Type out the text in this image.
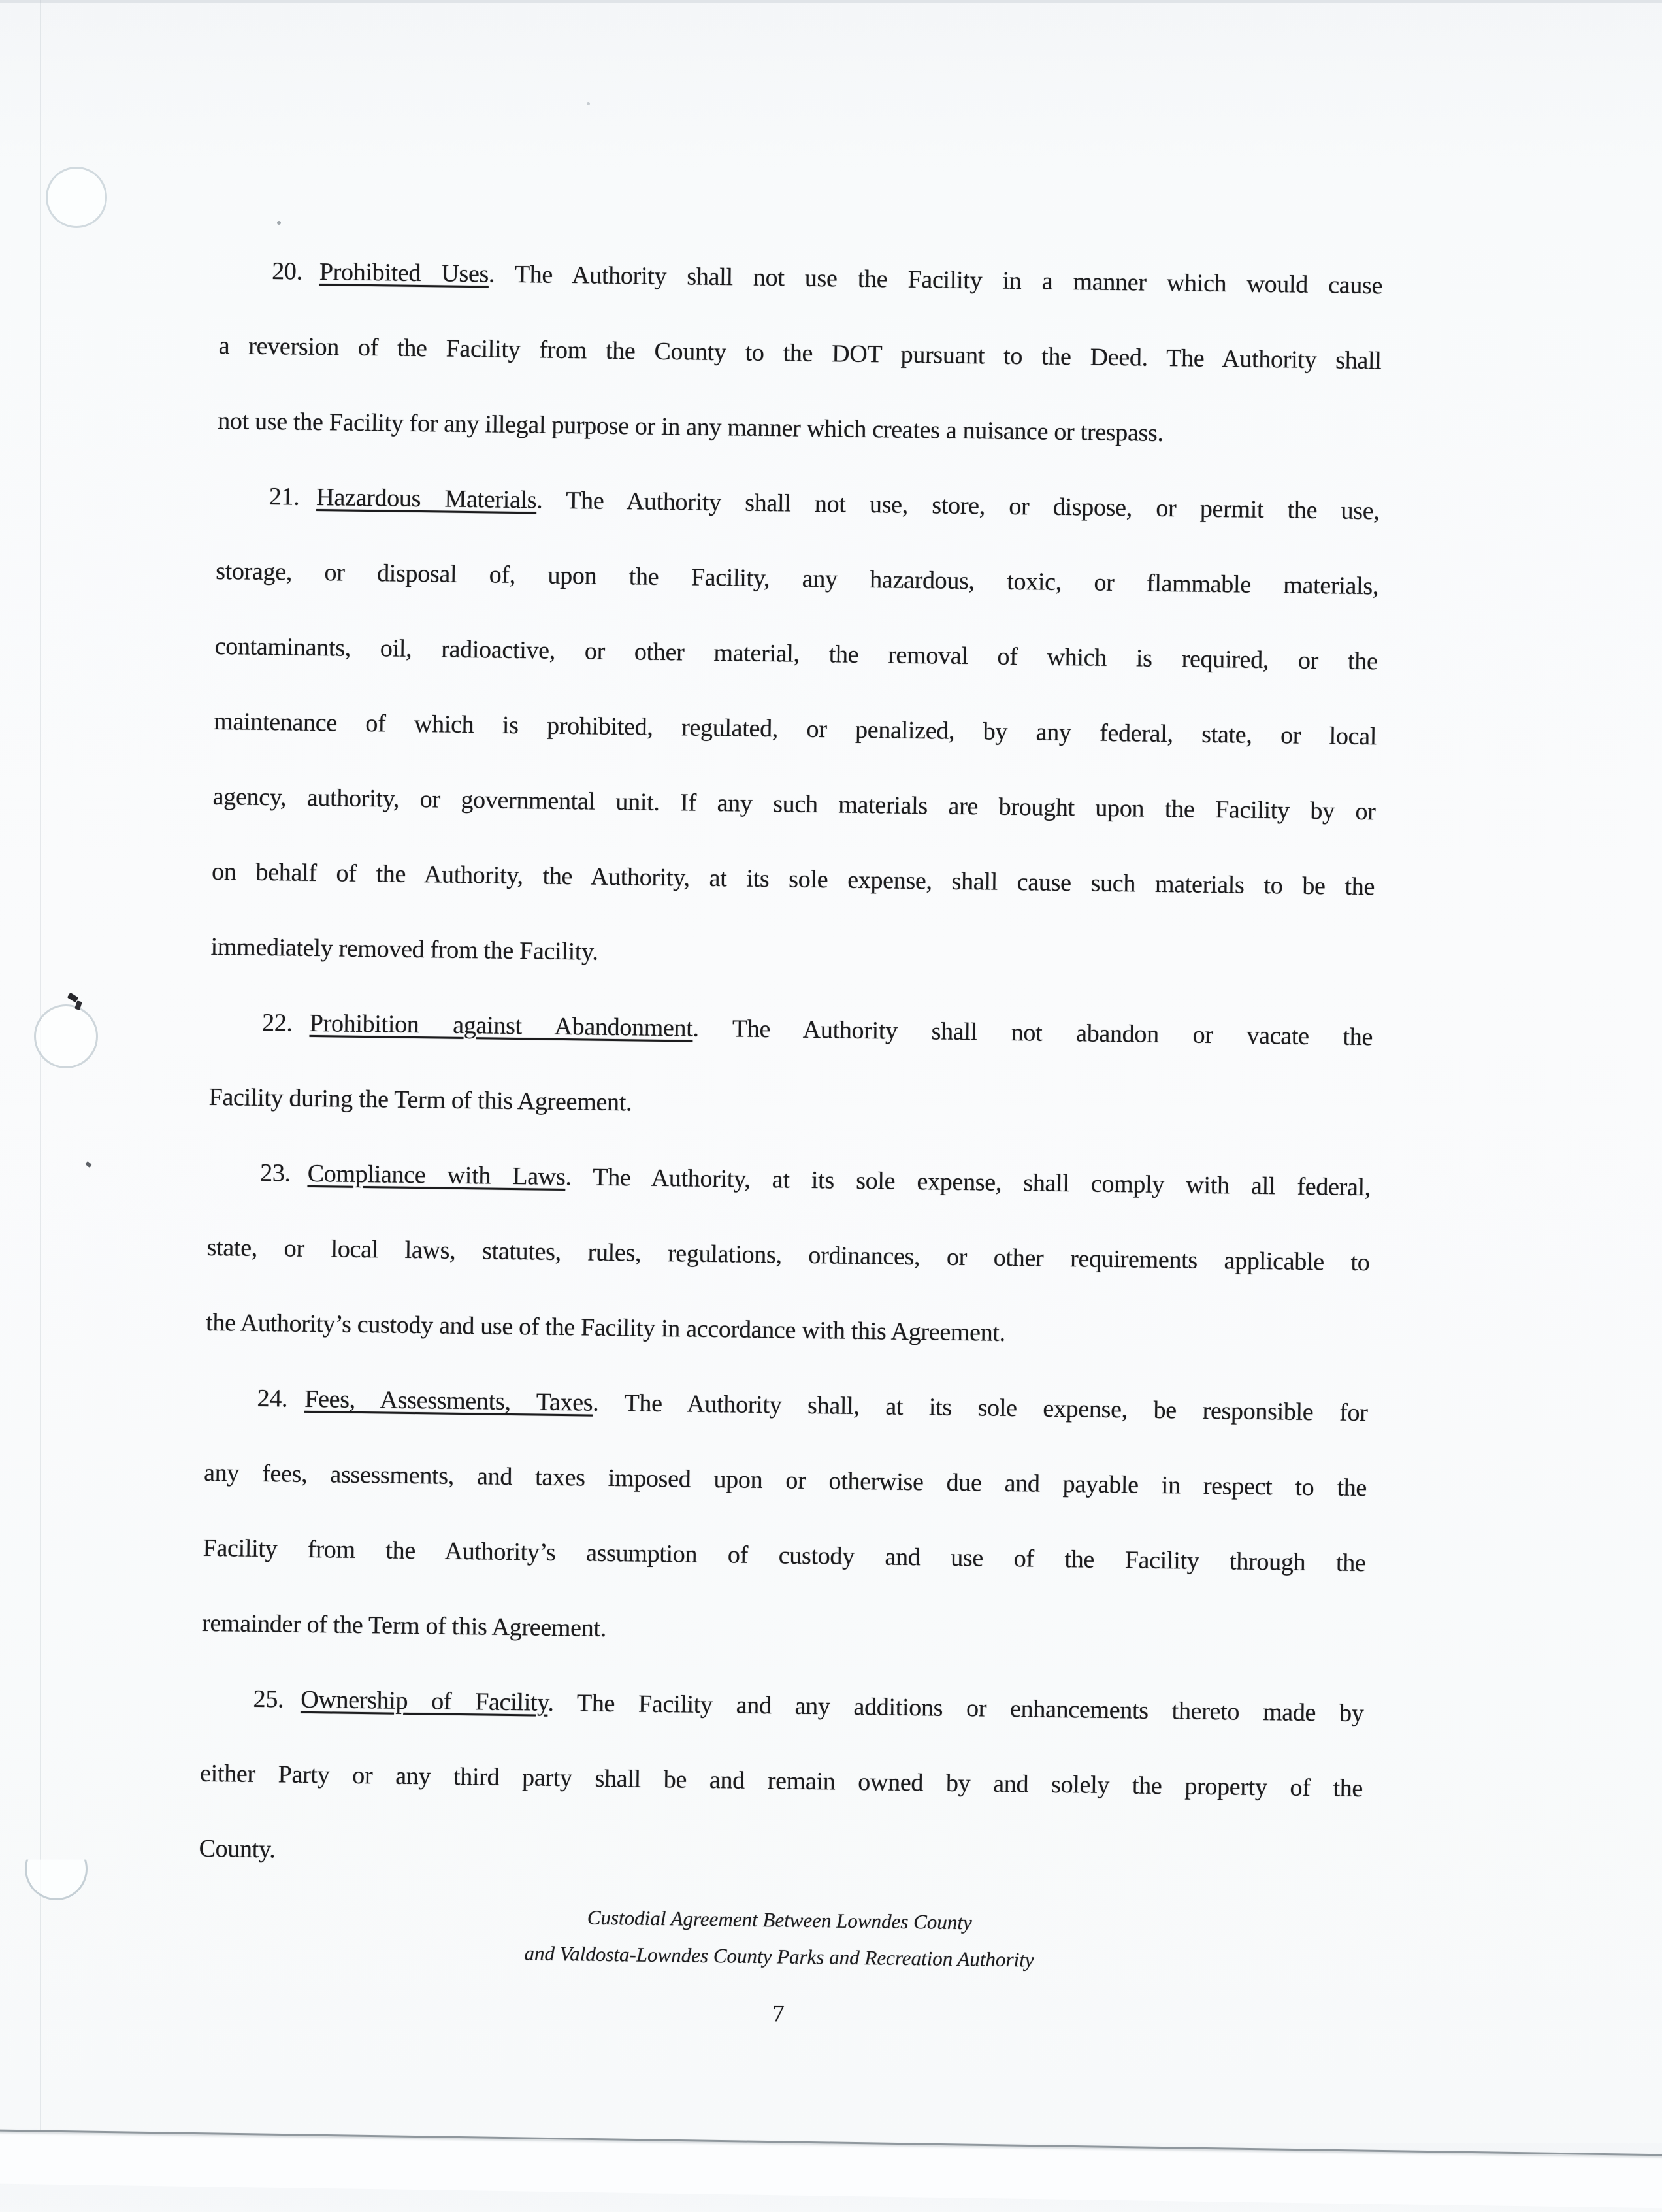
20. Prohibited Uses. The Authority shall not use the Facility in a manner which would cause
a reversion of the Facility from the County to the DOT pursuant to the Deed. The Authority shall
not use the Facility for any illegal purpose or in any manner which creates a nuisance or trespass.
21. Hazardous Materials. The Authority shall not use, store, or dispose, or permit the use,
storage, or disposal of, upon the Facility, any hazardous, toxic, or flammable materials,
contaminants, oil, radioactive, or other material, the removal of which is required, or the
maintenance of which is prohibited, regulated, or penalized, by any federal, state, or local
agency, authority, or governmental unit. If any such materials are brought upon the Facility by or
on behalf of the Authority, the Authority, at its sole expense, shall cause such materials to be the
immediately removed from the Facility.
22. Prohibition against Abandonment. The Authority shall not abandon or vacate the
Facility during the Term of this Agreement.
23. Compliance with Laws. The Authority, at its sole expense, shall comply with all federal,
state, or local laws, statutes, rules, regulations, ordinances, or other requirements applicable to
the Authority’s custody and use of the Facility in accordance with this Agreement.
24. Fees, Assessments, Taxes. The Authority shall, at its sole expense, be responsible for
any fees, assessments, and taxes imposed upon or otherwise due and payable in respect to the
Facility from the Authority’s assumption of custody and use of the Facility through the
remainder of the Term of this Agreement.
25. Ownership of Facility. The Facility and any additions or enhancements thereto made by
either Party or any third party shall be and remain owned by and solely the property of the
County.
Custodial Agreement Between Lowndes County
and Valdosta-Lowndes County Parks and Recreation Authority
7
